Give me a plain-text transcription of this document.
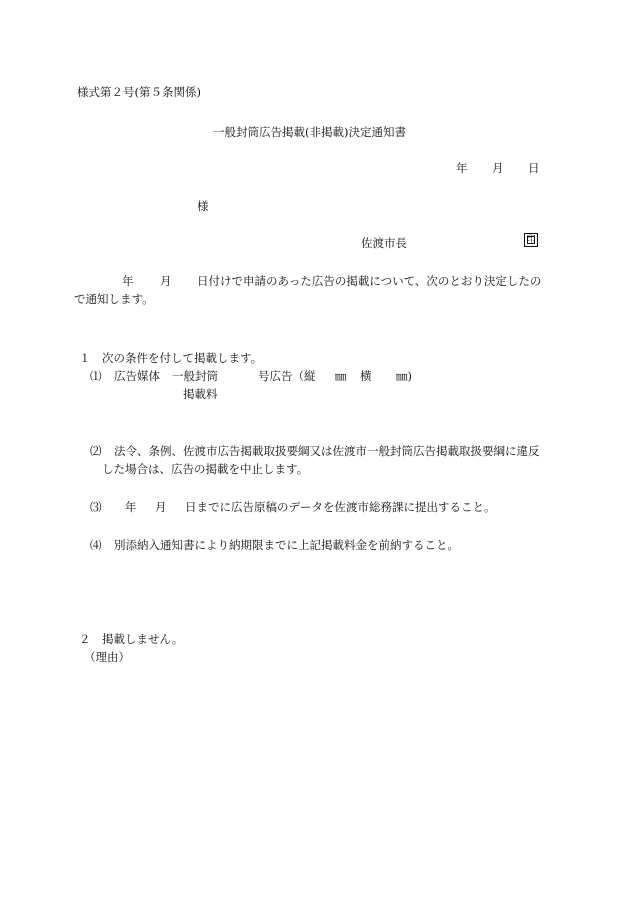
様式第２号(第５条関係)
一般封筒広告掲載(非掲載)決定通知書
年 月 日
様
佐渡市長	印
年 月 日付けで申請のあった広告の掲載について、次のとおり決定したの
で通知します。
１　次の条件を付して掲載します。
⑴ 広告媒体 一般封筒	号広告（縦 ㎜ 横 ㎜)
掲載料
⑵ 法令、条例、佐渡市広告掲載取扱要綱又は佐渡市一般封筒広告掲載取扱要綱に違反
した場合は、広告の掲載を中止します。
⑶ 年 月 日までに広告原稿のデータを佐渡市総務課に提出すること。
⑷ 別添納入通知書により納期限までに上記掲載料金を前納すること。
２　掲載しません。
（理由）
